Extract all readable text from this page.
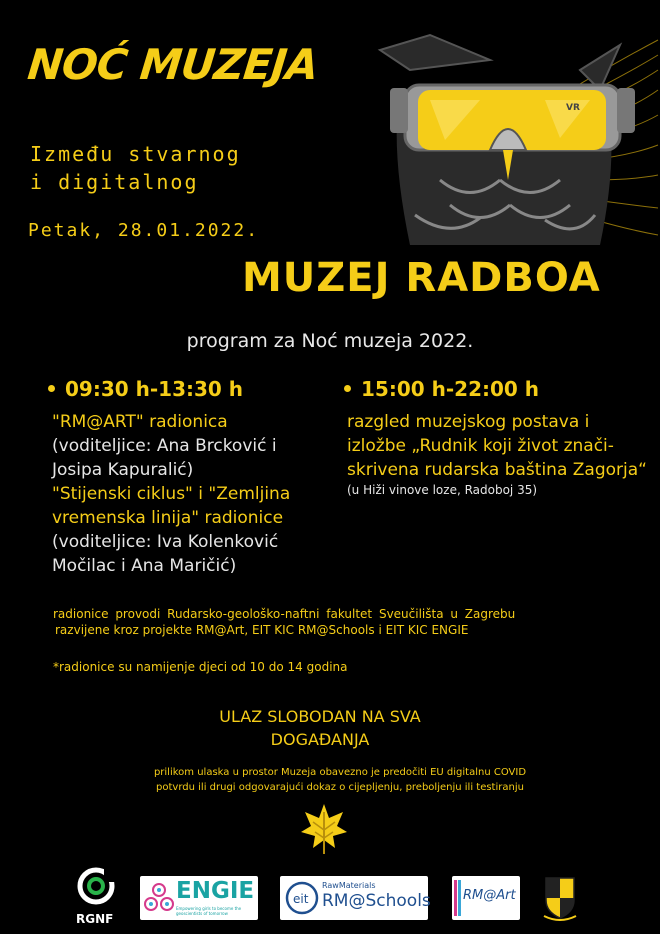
NOĆ MUZEJA
Između stvarnog
i digitalnog
Petak, 28.01.2022.
VR
MUZEJ RADBOA
program za Noć muzeja 2022.
09:30 h-13:30 h
"RM@ART" radionica
(voditeljice: Ana Brcković i
Josipa Kapuralić)
"Stijenski ciklus" i "Zemljina
vremenska linija" radionice
(voditeljice: Iva Kolenković
Močilac i Ana Maričić)
15:00 h-22:00 h
razgled muzejskog postava i
izložbe „Rudnik koji život znači-
skrivena rudarska baština Zagorja“
(u Hiži vinove loze, Radoboj 35)
radionice provodi Rudarsko-geološko-naftni fakultet Sveučilišta u Zagrebu
razvijene kroz projekte RM@Art, EIT KIC RM@Schools i EIT KIC ENGIE
*radionice su namijenje djeci od 10 do 14 godina
ULAZ SLOBODAN NA SVA
DOGAĐANJA
prilikom ulaska u prostor Muzeja obavezno je predočiti EU digitalnu COVID
potvrdu ili drugi odgovarajući dokaz o cijepljenju, preboljenju ili testiranju
RGNF
ENGIE
Empowering girls to become the geoscientists of tomorrow
eit
RawMaterials
RM@Schools RM@Art
